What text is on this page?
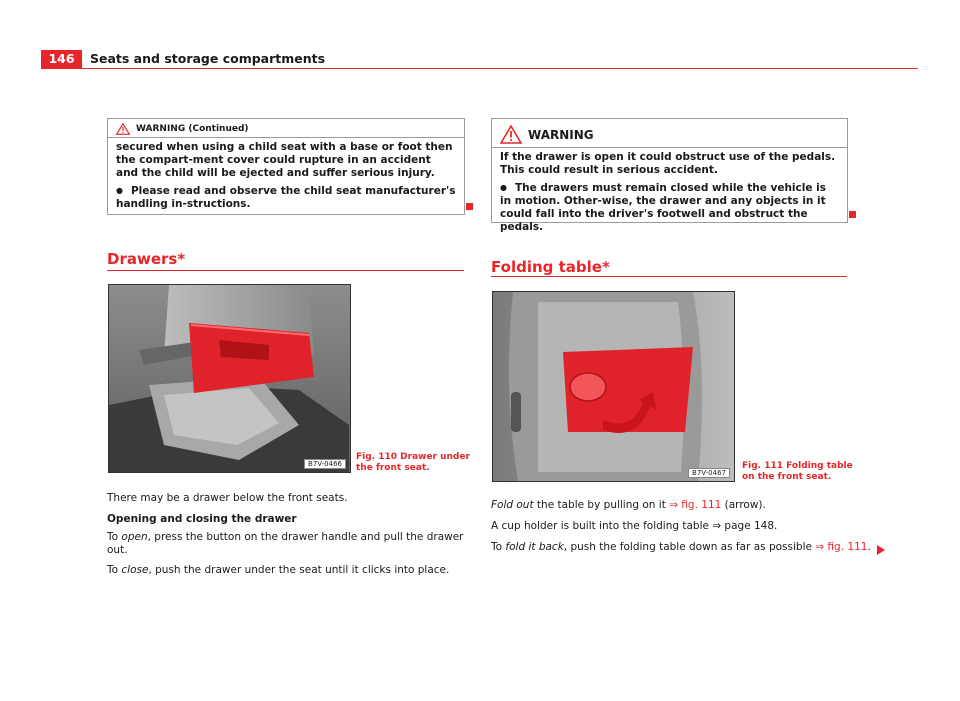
146	Seats and storage compartments
WARNING (Continued)

secured when using a child seat with a base or foot then the compart-ment cover could rupture in an accident and the child will be ejected and suffer serious injury.

● Please read and observe the child seat manufacturer's handling in-structions.

WARNING

If the drawer is open it could obstruct use of the pedals. This could result in serious accident.

● The drawers must remain closed while the vehicle is in motion. Other-wise, the drawer and any objects in it could fall into the driver's footwell and obstruct the pedals.

Drawers*
B7V-0466
Fig. 110 Drawer under
the front seat.

There may be a drawer below the front seats.

Opening and closing the drawer

To open, press the button on the drawer handle and pull the drawer out.

To close, push the drawer under the seat until it clicks into place.

Folding table*
B7V-0467
Fig. 111 Folding table
on the front seat.

Fold out the table by pulling on it ⇒ fig. 111 (arrow).

A cup holder is built into the folding table ⇒ page 148.

To fold it back, push the folding table down as far as possible ⇒ fig. 111.
